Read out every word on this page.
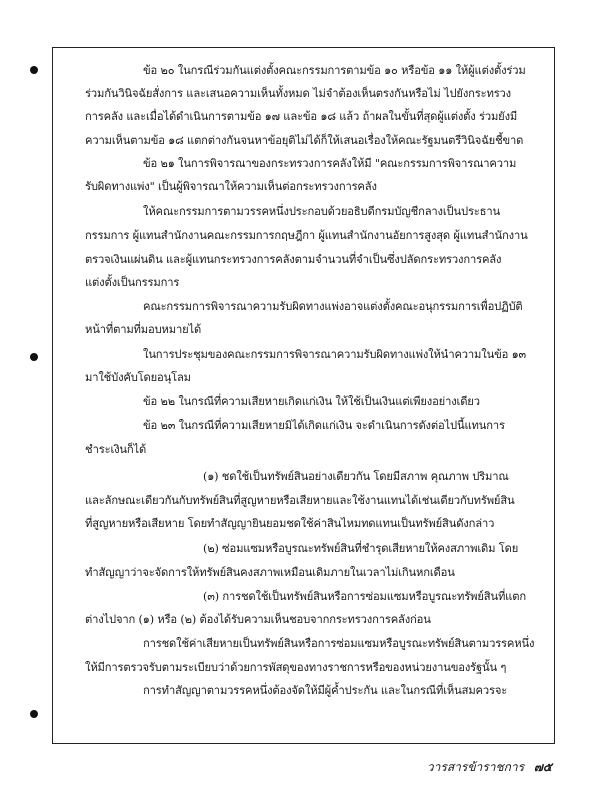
ข้อ ๒๐ ในกรณีร่วมกันแต่งตั้งคณะกรรมการตามข้อ ๑๐ หรือข้อ ๑๑ ให้ผู้แต่งตั้งร่วม
ร่วมกันวินิจฉัยสั่งการ และเสนอความเห็นทั้งหมด ไม่จำต้องเห็นตรงกันหรือไม่ ไปยังกระทรวง
การคลัง และเมื่อได้ดำเนินการตามข้อ ๑๗ และข้อ ๑๘ แล้ว ถ้าผลในขั้นที่สุดผู้แต่งตั้ง ร่วมยังมี
ความเห็นตามข้อ ๑๘ แตกต่างกันจนหาข้อยุติไม่ได้ก็ให้เสนอเรื่องให้คณะรัฐมนตรีวินิจฉัยชี้ขาด
ข้อ ๒๑ ในการพิจารณาของกระทรวงการคลังให้มี "คณะกรรมการพิจารณาความ
รับผิดทางแพ่ง" เป็นผู้พิจารณาให้ความเห็นต่อกระทรวงการคลัง
ให้คณะกรรมการตามวรรคหนึ่งประกอบด้วยอธิบดีกรมบัญชีกลางเป็นประธาน
กรรมการ ผู้แทนสำนักงานคณะกรรมการกฤษฎีกา ผู้แทนสำนักงานอัยการสูงสุด ผู้แทนสำนักงาน
ตรวจเงินแผ่นดิน และผู้แทนกระทรวงการคลังตามจำนวนที่จำเป็นซึ่งปลัดกระทรวงการคลัง
แต่งตั้งเป็นกรรมการ
คณะกรรมการพิจารณาความรับผิดทางแพ่งอาจแต่งตั้งคณะอนุกรรมการเพื่อปฏิบัติ
หน้าที่ตามที่มอบหมายได้
ในการประชุมของคณะกรรมการพิจารณาความรับผิดทางแพ่งให้นำความในข้อ ๑๓
มาใช้บังคับโดยอนุโลม
ข้อ ๒๒ ในกรณีที่ความเสียหายเกิดแก่เงิน ให้ใช้เป็นเงินแต่เพียงอย่างเดียว
ข้อ ๒๓ ในกรณีที่ความเสียหายมิได้เกิดแก่เงิน จะดำเนินการดังต่อไปนี้แทนการ
ชำระเงินก็ได้
(๑) ชดใช้เป็นทรัพย์สินอย่างเดียวกัน โดยมีสภาพ คุณภาพ ปริมาณ
และลักษณะเดียวกันกับทรัพย์สินที่สูญหายหรือเสียหายและใช้งานแทนได้เช่นเดียวกับทรัพย์สิน
ที่สูญหายหรือเสียหาย โดยทำสัญญายินยอมชดใช้ค่าสินไหมทดแทนเป็นทรัพย์สินดังกล่าว
(๒) ซ่อมแซมหรือบูรณะทรัพย์สินที่ชำรุดเสียหายให้คงสภาพเดิม โดย
ทำสัญญาว่าจะจัดการให้ทรัพย์สินคงสภาพเหมือนเดิมภายในเวลาไม่เกินหกเดือน
(๓) การชดใช้เป็นทรัพย์สินหรือการซ่อมแซมหรือบูรณะทรัพย์สินที่แตก
ต่างไปจาก (๑) หรือ (๒) ต้องได้รับความเห็นชอบจากกระทรวงการคลังก่อน
การชดใช้ค่าเสียหายเป็นทรัพย์สินหรือการซ่อมแซมหรือบูรณะทรัพย์สินตามวรรคหนึ่ง
ให้มีการตรวจรับตามระเบียบว่าด้วยการพัสดุของทางราชการหรือของหน่วยงานของรัฐนั้น ๆ
การทำสัญญาตามวรรคหนึ่งต้องจัดให้มีผู้ค้ำประกัน และในกรณีที่เห็นสมควรจะ
วารสารข้าราชการ ๗๕
